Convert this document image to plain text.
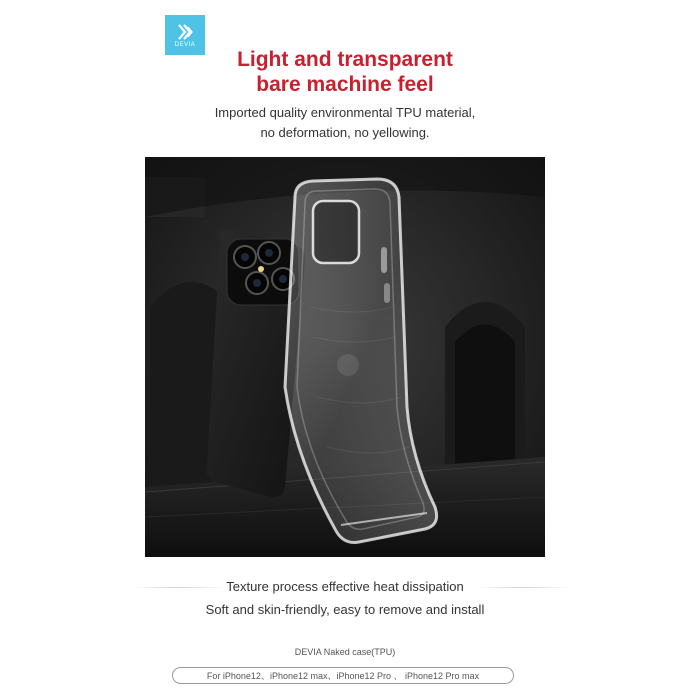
DEVIA
Light and transparent
bare machine feel
Imported quality environmental TPU material,
no deformation, no yellowing.
Texture process effective heat dissipation
Soft and skin-friendly, easy to remove and install
DEVIA Naked case(TPU)
For iPhone12、iPhone12 max、iPhone12 Pro 、 iPhone12 Pro max
